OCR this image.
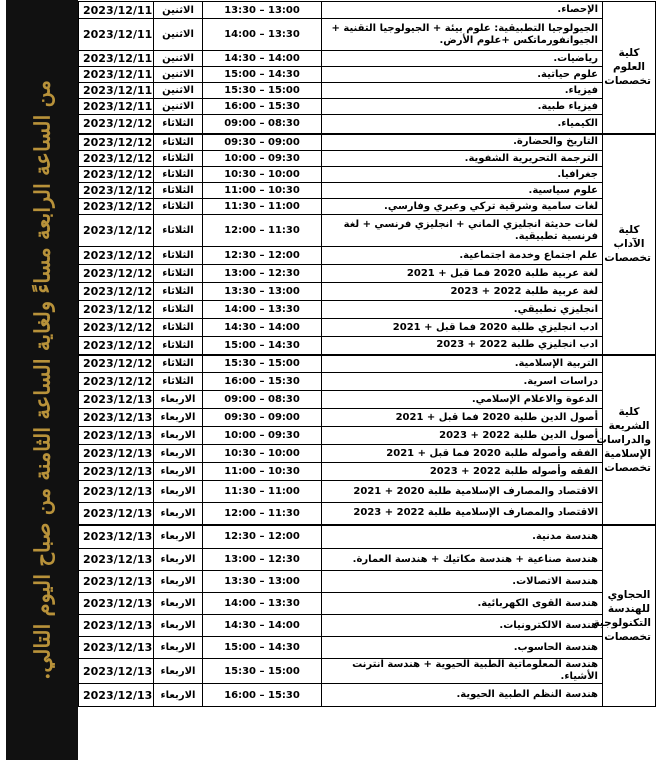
من الساعة الرابعة مساءً ولغاية الساعة الثامنة من صباح اليوم التالي.
2023/12/11	الاثنين	13:30 – 13:00	الإحصاء.	كلية العلوم تخصصات
2023/12/11	الاثنين	14:00 – 13:30	الجيولوجيا التطبيقية: علوم بيئة + الجيولوجيا التقنية + الجيوانفورماتكس +علوم الأرض.	
2023/12/11	الاثنين	14:30 – 14:00	رياضيات.	
2023/12/11	الاثنين	15:00 – 14:30	علوم حياتية.	
2023/12/11	الاثنين	15:30 – 15:00	فيزياء.	
2023/12/11	الاثنين	16:00 – 15:30	فيزياء طبية.	
2023/12/12	الثلاثاء	09:00 – 08:30	الكيمياء.	
2023/12/12	الثلاثاء	09:30 – 09:00	التاريخ والحضارة.	كلية الآداب تخصصات
2023/12/12	الثلاثاء	10:00 – 09:30	الترجمة التحريرية الشفوية.	
2023/12/12	الثلاثاء	10:30 – 10:00	جغرافيا.	
2023/12/12	الثلاثاء	11:00 – 10:30	علوم سياسية.	
2023/12/12	الثلاثاء	11:30 – 11:00	لغات سامية وشرقية تركي وعبري وفارسي.	
2023/12/12	الثلاثاء	12:00 – 11:30	لغات حديثة انجليزي الماني + انجليزي فرنسي + لغة فرنسية تطبيقية.	
2023/12/12	الثلاثاء	12:30 – 12:00	علم اجتماع وخدمة اجتماعية.	
2023/12/12	الثلاثاء	13:00 – 12:30	لغة عربية طلبة 2020 فما قبل + 2021	
2023/12/12	الثلاثاء	13:30 – 13:00	لغة عربية طلبة 2022 + 2023	
2023/12/12	الثلاثاء	14:00 – 13:30	انجليزي تطبيقي.	
2023/12/12	الثلاثاء	14:30 – 14:00	ادب انجليزي طلبة 2020 فما قبل + 2021	
2023/12/12	الثلاثاء	15:00 – 14:30	ادب انجليزي طلبة 2022 + 2023	
2023/12/12	الثلاثاء	15:30 – 15:00	التربية الإسلامية.	كلية الشريعة والدراسات الإسلامية تخصصات
2023/12/12	الثلاثاء	16:00 – 15:30	دراسات اسرية.	
2023/12/13	الاربعاء	09:00 – 08:30	الدعوة والاعلام الإسلامي.	
2023/12/13	الاربعاء	09:30 – 09:00	أصول الدين طلبة 2020 فما قبل + 2021	
2023/12/13	الاربعاء	10:00 – 09:30	أصول الدين طلبة 2022 + 2023	
2023/12/13	الاربعاء	10:30 – 10:00	الفقه وأصوله طلبة 2020 فما قبل + 2021	
2023/12/13	الاربعاء	11:00 – 10:30	الفقه وأصوله طلبة 2022 + 2023	
2023/12/13	الاربعاء	11:30 – 11:00	الاقتصاد والمصارف الإسلامية طلبة 2020 + 2021	
2023/12/13	الاربعاء	12:00 – 11:30	الاقتصاد والمصارف الإسلامية طلبة 2022 + 2023	
2023/12/13	الاربعاء	12:30 – 12:00	هندسة مدنية.	الحجاوي للهندسة التكنولوجية تخصصات
2023/12/13	الاربعاء	13:00 – 12:30	هندسة صناعية + هندسة مكاتيك + هندسة العمارة.	
2023/12/13	الاربعاء	13:30 – 13:00	هندسة الاتصالات.	
2023/12/13	الاربعاء	14:00 – 13:30	هندسة القوى الكهربائية.	
2023/12/13	الاربعاء	14:30 – 14:00	هندسة الالكترونيات.	
2023/12/13	الاربعاء	15:00 – 14:30	هندسة الحاسوب.	
2023/12/13	الاربعاء	15:30 – 15:00	هندسة المعلوماتية الطبية الحيوية + هندسة انترنت الأشياء.	
2023/12/13	الاربعاء	16:00 – 15:30	هندسة النظم الطبية الحيوية.	
